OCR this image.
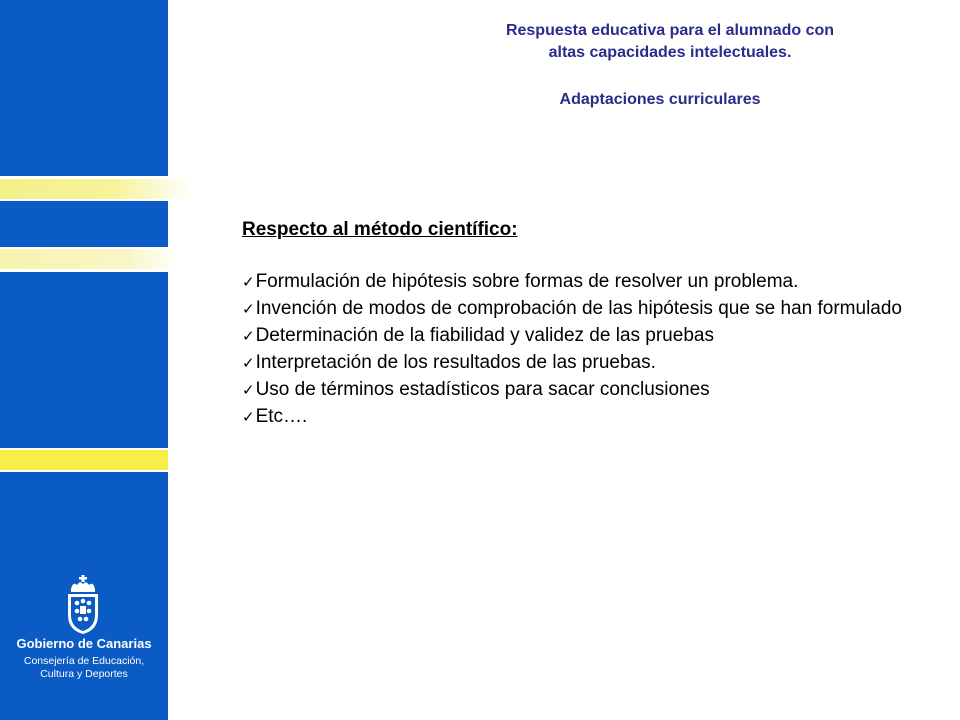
Gobierno de Canarias
Consejería de Educación,
Cultura y Deportes
Respuesta educativa para el alumnado con
altas capacidades intelectuales.
Adaptaciones curriculares
Respecto al método científico:
✓Formulación de hipótesis sobre formas de resolver un problema.
✓Invención de modos de comprobación de las hipótesis que se han formulado
✓Determinación de la fiabilidad y validez de las pruebas
✓Interpretación de los resultados de las pruebas.
✓Uso de términos estadísticos para sacar conclusiones
✓Etc….
